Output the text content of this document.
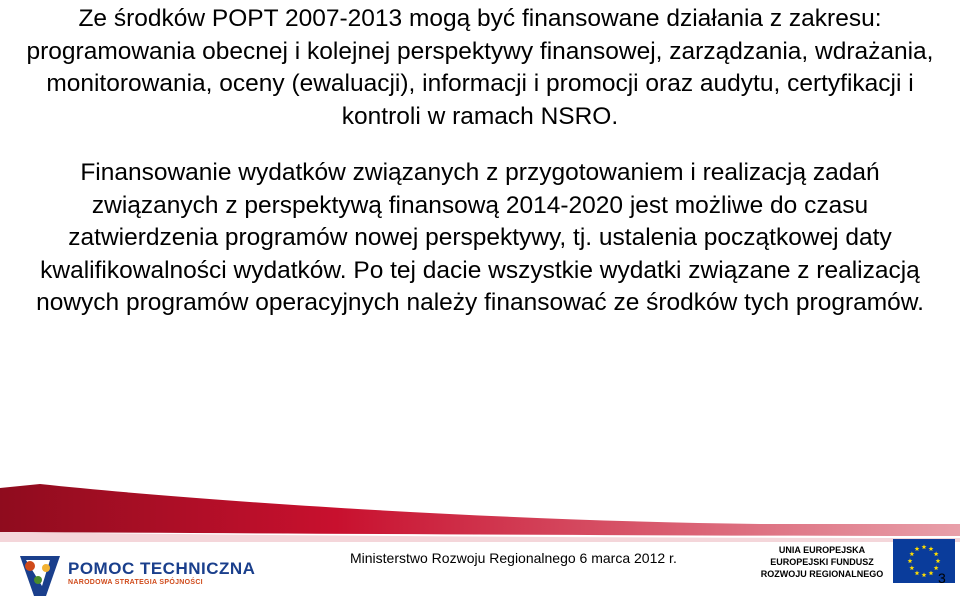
Ze środków POPT 2007-2013 mogą być finansowane działania z zakresu: programowania obecnej i kolejnej perspektywy finansowej, zarządzania, wdrażania, monitorowania, oceny (ewaluacji), informacji i promocji oraz audytu, certyfikacji i kontroli w ramach NSRO.

Finansowanie wydatków związanych z przygotowaniem i realizacją zadań związanych z perspektywą finansową 2014-2020 jest możliwe do czasu zatwierdzenia programów nowej perspektywy, tj. ustalenia początkowej daty kwalifikowalności wydatków. Po tej dacie wszystkie wydatki związane z realizacją nowych programów operacyjnych należy finansować ze środków tych programów.

POMOC TECHNICZNA
NARODOWA STRATEGIA SPÓJNOŚCI
Ministerstwo Rozwoju Regionalnego 6 marca 2012 r.	UNIA EUROPEJSKA
EUROPEJSKI FUNDUSZ
ROZWOJU REGIONALNEGO	3
